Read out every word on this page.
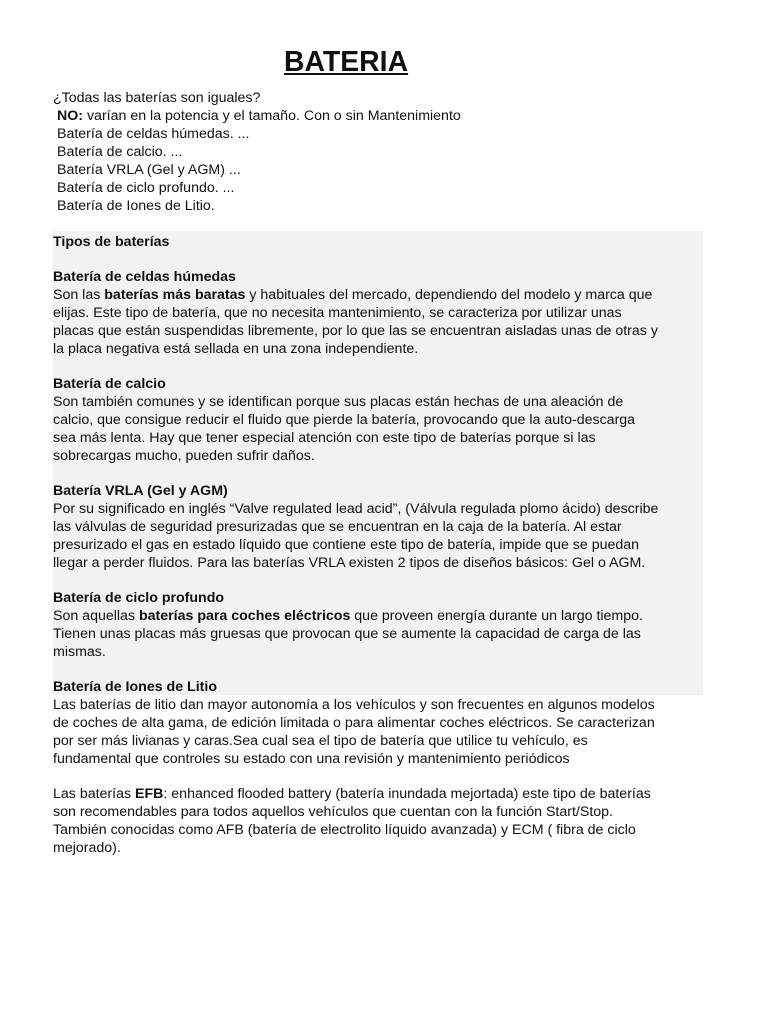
BATERIA

¿Todas las baterías son iguales?

NO: varían en la potencia y el tamaño. Con o sin Mantenimiento

Batería de celdas húmedas. ...

Batería de calcio. ...

Batería VRLA (Gel y AGM) ...

Batería de ciclo profundo. ...

Batería de Iones de Litio.

Tipos de baterías

Batería de celdas húmedas

Son las baterías más baratas y habituales del mercado, dependiendo del modelo y marca que

elijas. Este tipo de batería, que no necesita mantenimiento, se caracteriza por utilizar unas

placas que están suspendidas libremente, por lo que las se encuentran aisladas unas de otras y

la placa negativa está sellada en una zona independiente.

Batería de calcio

Son también comunes y se identifican porque sus placas están hechas de una aleación de

calcio, que consigue reducir el fluido que pierde la batería, provocando que la auto-descarga

sea más lenta. Hay que tener especial atención con este tipo de baterías porque si las

sobrecargas mucho, pueden sufrir daños.

Batería VRLA (Gel y AGM)

Por su significado en inglés “Valve regulated lead acid”, (Válvula regulada plomo ácido) describe

las válvulas de seguridad presurizadas que se encuentran en la caja de la batería. Al estar

presurizado el gas en estado líquido que contiene este tipo de batería, impide que se puedan

llegar a perder fluidos. Para las baterías VRLA existen 2 tipos de diseños básicos: Gel o AGM.

Batería de ciclo profundo

Son aquellas baterías para coches eléctricos que proveen energía durante un largo tiempo.

Tienen unas placas más gruesas que provocan que se aumente la capacidad de carga de las

mismas.

Batería de Iones de Litio

Las baterías de litio dan mayor autonomía a los vehículos y son frecuentes en algunos modelos

de coches de alta gama, de edición limitada o para alimentar coches eléctricos. Se caracterizan

por ser más livianas y caras.Sea cual sea el tipo de batería que utilice tu vehículo, es

fundamental que controles su estado con una revisión y mantenimiento periódicos

Las baterías EFB: enhanced flooded battery (batería inundada mejortada) este tipo de baterías

son recomendables para todos aquellos vehículos que cuentan con la función Start/Stop.

También conocidas como AFB (batería de electrolito líquido avanzada) y ECM ( fibra de ciclo

mejorado).
